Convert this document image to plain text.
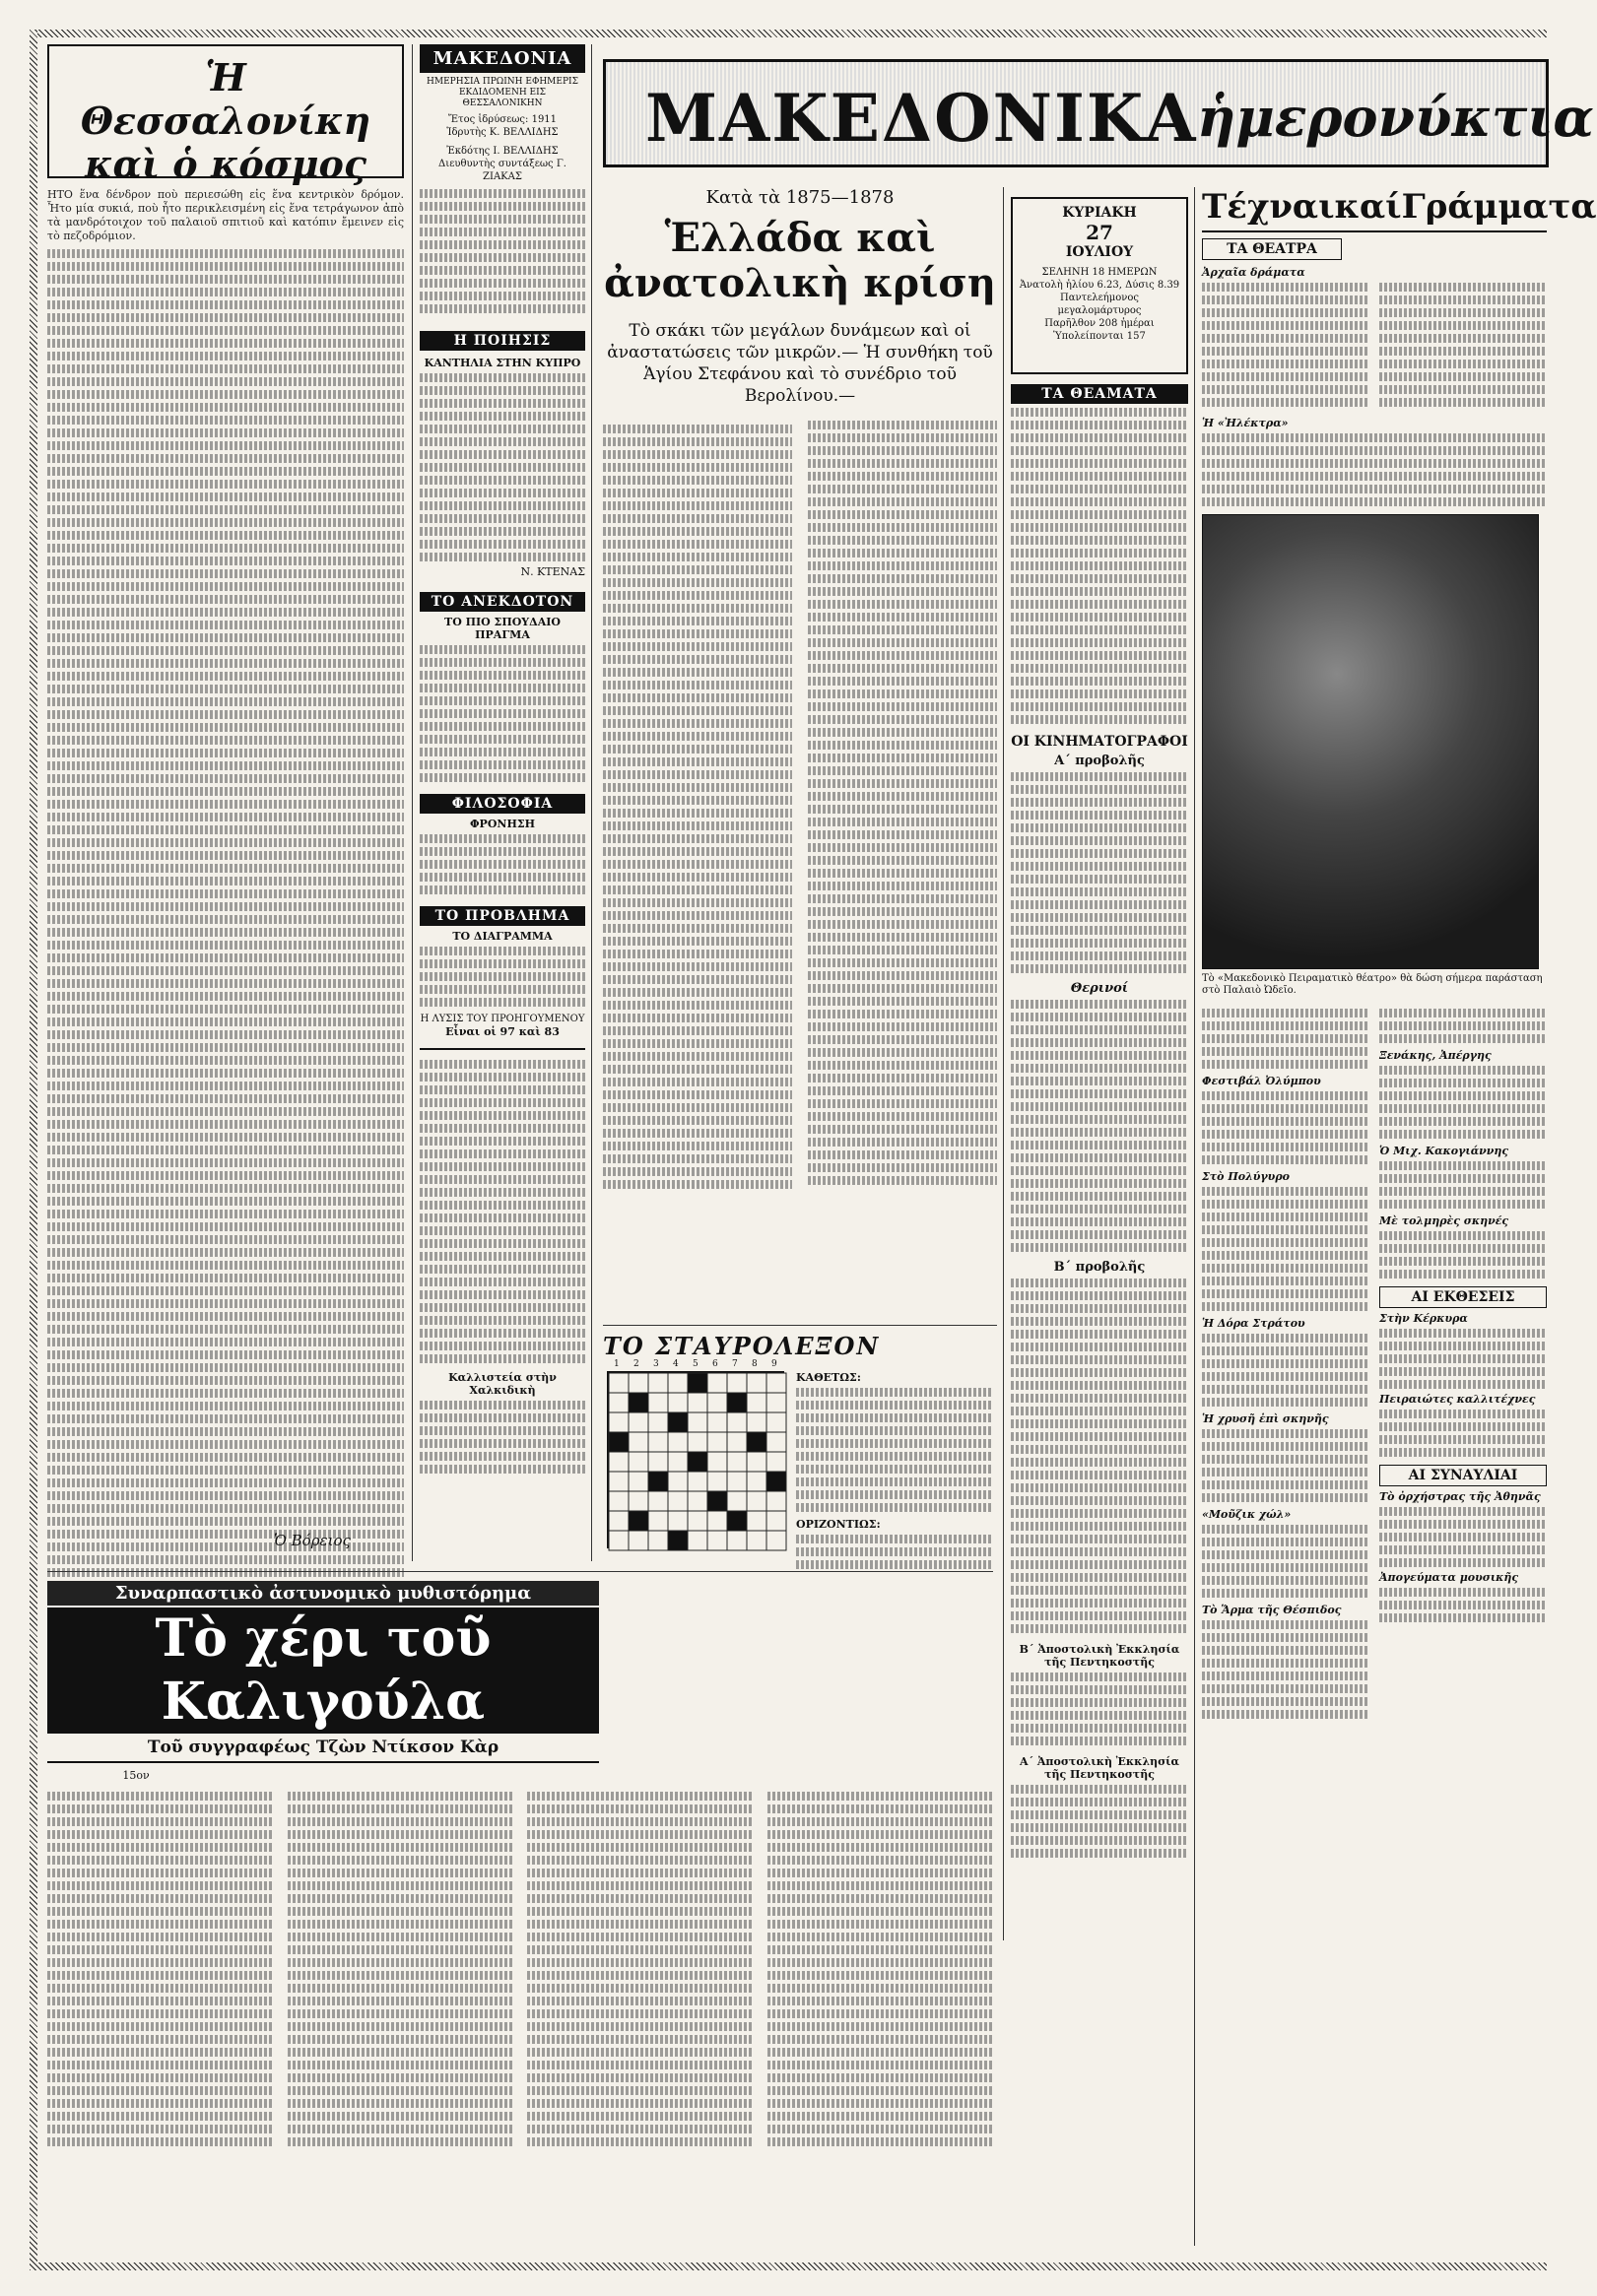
Ἡ Θεσσαλονίκη καὶ ὁ κόσμος
ΗΤΟ ἕνα δένδρον ποὺ περιεσώθη εἰς ἕνα κεντρικὸν δρόμον. Ἦτο μία συκιά, ποὺ ἦτο περικλεισμένη εἰς ἕνα τετράγωνον ἀπὸ τὰ μανδρότοιχον τοῦ παλαιοῦ σπιτιοῦ καὶ κατόπιν ἔμεινεν εἰς τὸ πεζοδρόμιον.
Ὁ Βόρειος
ΜΑΚΕΔΟΝΙΑ
ΗΜΕΡΗΣΙΑ ΠΡΩΙΝΗ ΕΦΗΜΕΡΙΣ ΕΚΔΙΔΟΜΕΝΗ ΕΙΣ ΘΕΣΣΑΛΟΝΙΚΗΝ
Ἔτος ἱδρύσεως: 1911
Ἱδρυτὴς Κ. ΒΕΛΛΙΔΗΣ
Ἐκδότης Ι. ΒΕΛΛΙΔΗΣ
Διευθυντὴς συντάξεως Γ. ΖΙΑΚΑΣ
Η ΠΟΙΗΣΙΣ
ΚΑΝΤΗΛΙΑ ΣΤΗΝ ΚΥΠΡΟ
Ν. ΚΤΕΝΑΣ
ΤΟ ΑΝΕΚΔΟΤΟΝ
ΤΟ ΠΙΟ ΣΠΟΥΔΑΙΟ ΠΡΑΓΜΑ
ΦΙΛΟΣΟΦΙΑ
ΦΡΟΝΗΣΗ
ΤΟ ΠΡΟΒΛΗΜΑ
ΤΟ ΔΙΑΓΡΑΜΜΑ
Η ΛΥΣΙΣ ΤΟΥ ΠΡΟΗΓΟΥΜΕΝΟΥ
Εἶναι οἱ 97 καὶ 83
Καλλιστεία στὴν Χαλκιδικὴ
ΜΑΚΕΔΟΝΙΚΑ ἡμερονύκτια
Κατὰ τὰ 1875—1878
Ἑλλάδα καὶ ἀνατολικὴ κρίση
Τὸ σκάκι τῶν μεγάλων δυνάμεων καὶ οἱ ἀναστατώσεις τῶν μικρῶν.— Ἡ συνθήκη τοῦ Ἁγίου Στεφάνου καὶ τὸ συνέδριο τοῦ Βερολίνου.—
ΚΥΡΙΑΚΗ
27
ΙΟΥΛΙΟΥ
ΣΕΛΗΝΗ 18 ΗΜΕΡΩΝ
Ἀνατολὴ ἡλίου 6.23, Δύσις 8.39
Παντελεήμονος μεγαλομάρτυρος
Παρῆλθον 208 ἡμέραι
Ὑπολείπονται 157
ΤΑ ΘΕΑΜΑΤΑ
ΟΙ ΚΙΝΗΜΑΤΟΓΡΑΦΟΙ
Α΄ προβολῆς
Θερινοί
Β΄ προβολῆς
Β΄ Ἀποστολικὴ Ἐκκλησία τῆς Πεντηκοστῆς
Α΄ Ἀποστολικὴ Ἐκκλησία τῆς Πεντηκοστῆς
ΤέχναικαίΓράμματα
ΤΑ ΘΕΑΤΡΑ
Ἀρχαῖα δράματα
Ἡ «Ἠλέκτρα»
Τὸ «Μακεδονικὸ Πειραματικὸ θέατρο» θὰ δώση σήμερα παράσταση στὸ Παλαιὸ Ὠδεῖο.
Φεστιβάλ Ὀλύμπου
Στὸ Πολύγυρο
Ἡ Δόρα Στράτου
Ἡ χρυσῆ ἐπὶ σκηνῆς
«Μοῦζικ χώλ»
Τὸ Ἅρμα τῆς Θέσπιδος
Ξενάκης, Ἀπέργης
Ὁ Μιχ. Κακογιάννης
Μὲ τολμηρὲς σκηνές
ΑΙ ΕΚΘΕΣΕΙΣ
Στὴν Κέρκυρα
Πειραιώτες καλλιτέχνες
ΑΙ ΣΥΝΑΥΛΙΑΙ
Τὸ ὀρχήστρας τῆς Ἀθηνᾶς
Ἀπογεύματα μουσικῆς
ΤΟ ΣΤΑΥΡΟΛΕΞΟΝ
1 2 3 4 5 6 7 8 9
ΚΑΘΕΤΩΣ:
ΟΡΙΖΟΝΤΙΩΣ:
Συναρπαστικὸ ἀστυνομικὸ μυθιστόρημα
Τὸ χέρι τοῦ Καλιγούλα
Τοῦ συγγραφέως Τζὼν Ντίκσον Κὰρ
15ον
